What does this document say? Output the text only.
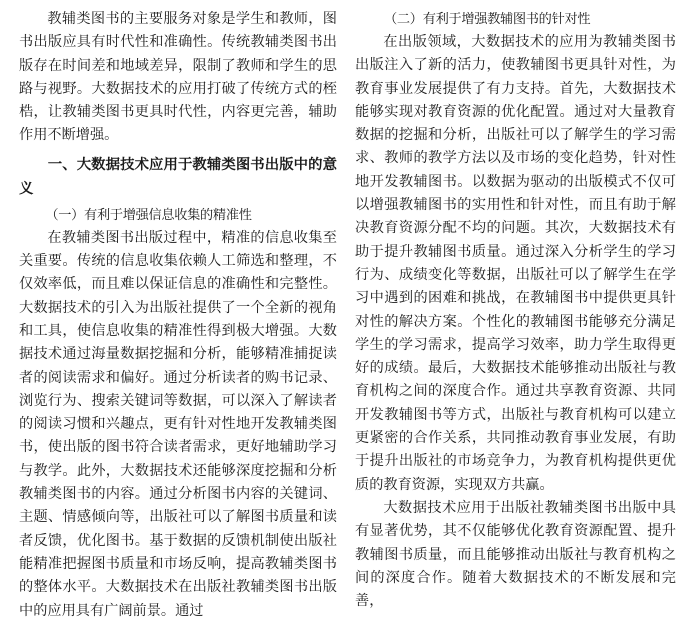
教辅类图书的主要服务对象是学生和教师，图书出版应具有时代性和准确性。传统教辅类图书出版存在时间差和地域差异，限制了教师和学生的思路与视野。大数据技术的应用打破了传统方式的桎梏，让教辅类图书更具时代性，内容更完善，辅助作用不断增强。

一、大数据技术应用于教辅类图书出版中的意义
（一）有利于增强信息收集的精准性

在教辅类图书出版过程中，精准的信息收集至关重要。传统的信息收集依赖人工筛选和整理，不仅效率低，而且难以保证信息的准确性和完整性。大数据技术的引入为出版社提供了一个全新的视角和工具，使信息收集的精准性得到极大增强。大数据技术通过海量数据挖掘和分析，能够精准捕捉读者的阅读需求和偏好。通过分析读者的购书记录、浏览行为、搜索关键词等数据，可以深入了解读者的阅读习惯和兴趣点，更有针对性地开发教辅类图书，使出版的图书符合读者需求，更好地辅助学习与教学。此外，大数据技术还能够深度挖掘和分析教辅类图书的内容。通过分析图书内容的关键词、主题、情感倾向等，出版社可以了解图书质量和读者反馈，优化图书。基于数据的反馈机制使出版社能精准把握图书质量和市场反响，提高教辅类图书的整体水平。大数据技术在出版社教辅类图书出版中的应用具有广阔前景。通过

（二）有利于增强教辅图书的针对性

在出版领域，大数据技术的应用为教辅类图书出版注入了新的活力，使教辅图书更具针对性，为教育事业发展提供了有力支持。首先，大数据技术能够实现对教育资源的优化配置。通过对大量教育数据的挖掘和分析，出版社可以了解学生的学习需求、教师的教学方法以及市场的变化趋势，针对性地开发教辅图书。以数据为驱动的出版模式不仅可以增强教辅图书的实用性和针对性，而且有助于解决教育资源分配不均的问题。其次，大数据技术有助于提升教辅图书质量。通过深入分析学生的学习行为、成绩变化等数据，出版社可以了解学生在学习中遇到的困难和挑战，在教辅图书中提供更具针对性的解决方案。个性化的教辅图书能够充分满足学生的学习需求，提高学习效率，助力学生取得更好的成绩。最后，大数据技术能够推动出版社与教育机构之间的深度合作。通过共享教育资源、共同开发教辅图书等方式，出版社与教育机构可以建立更紧密的合作关系，共同推动教育事业发展，有助于提升出版社的市场竞争力，为教育机构提供更优质的教育资源，实现双方共赢。

大数据技术应用于出版社教辅类图书出版中具有显著优势，其不仅能够优化教育资源配置、提升教辅图书质量，而且能够推动出版社与教育机构之间的深度合作。随着大数据技术的不断发展和完善，
